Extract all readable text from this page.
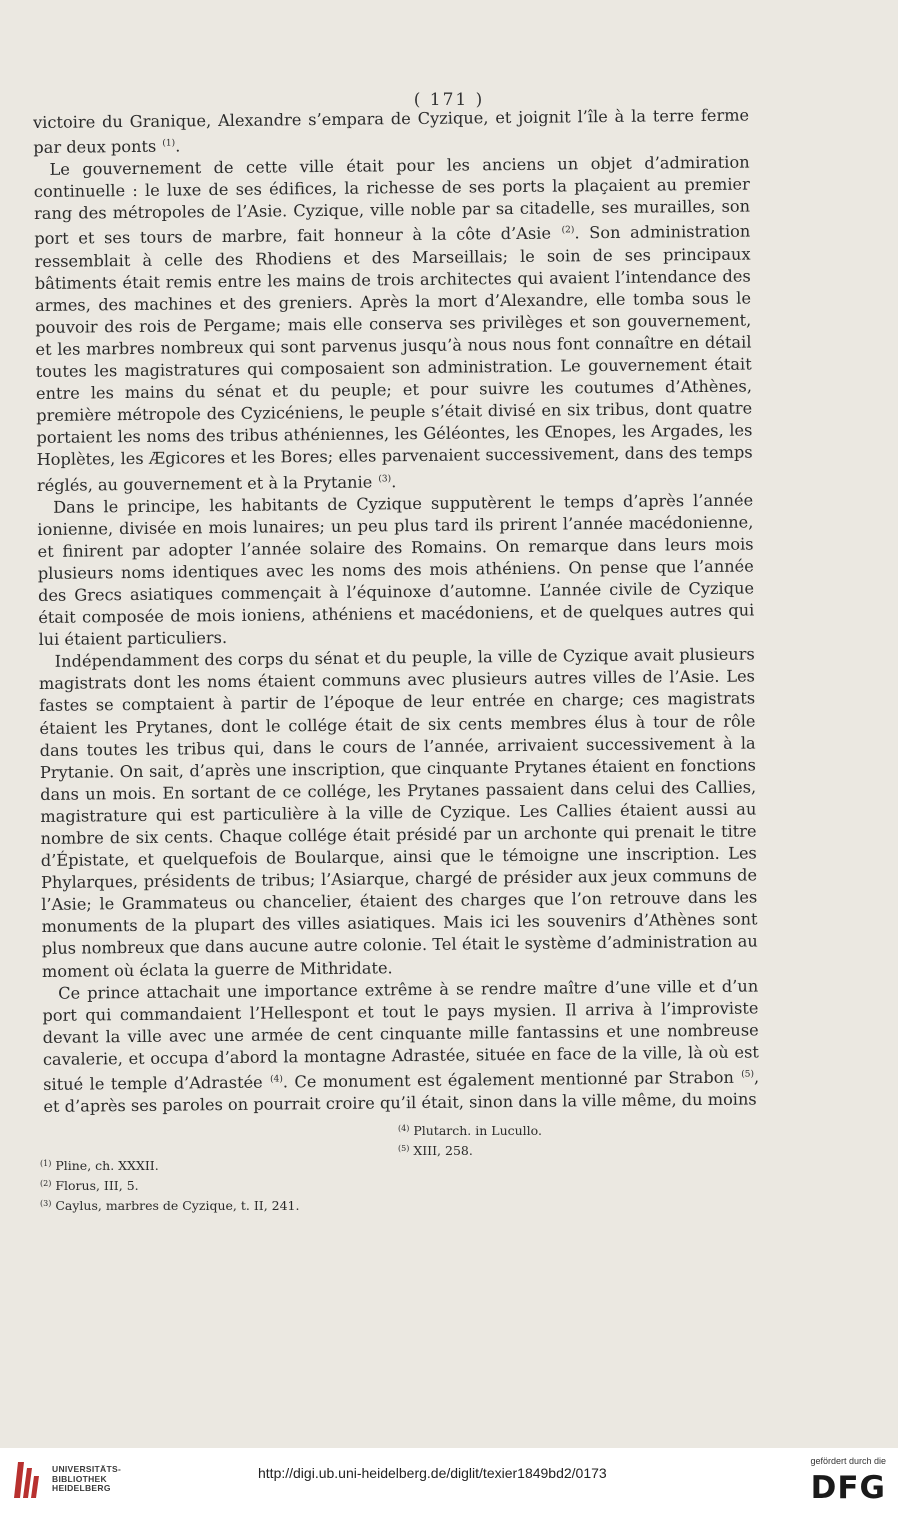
( 171 )

victoire du Granique, Alexandre s’empara de Cyzique, et joignit l’île à la terre ferme par deux ponts $^{(1)}$.

Le gouvernement de cette ville était pour les anciens un objet d’admiration continuelle : le luxe de ses édifices, la richesse de ses ports la plaçaient au premier rang des métropoles de l’Asie. Cyzique, ville noble par sa citadelle, ses murailles, son port et ses tours de marbre, fait honneur à la côte d’Asie $^{(2)}$. Son administration ressemblait à celle des Rhodiens et des Marseillais; le soin de ses principaux bâtiments était remis entre les mains de trois architectes qui avaient l’intendance des armes, des machines et des greniers. Après la mort d’Alexandre, elle tomba sous le pouvoir des rois de Pergame; mais elle conserva ses privilèges et son gouvernement, et les marbres nombreux qui sont parvenus jusqu’à nous nous font connaître en détail toutes les magistratures qui composaient son administration. Le gouvernement était entre les mains du sénat et du peuple; et pour suivre les coutumes d’Athènes, première métropole des Cyzicéniens, le peuple s’était divisé en six tribus, dont quatre portaient les noms des tribus athéniennes, les Géléontes, les Œnopes, les Argades, les Hoplètes, les Ægicores et les Bores; elles parvenaient successivement, dans des temps réglés, au gouvernement et à la Prytanie $^{(3)}$.

Dans le principe, les habitants de Cyzique supputèrent le temps d’après l’année ionienne, divisée en mois lunaires; un peu plus tard ils prirent l’année macédonienne, et finirent par adopter l’année solaire des Romains. On remarque dans leurs mois plusieurs noms identiques avec les noms des mois athéniens. On pense que l’année des Grecs asiatiques commençait à l’équinoxe d’automne. L’année civile de Cyzique était composée de mois ioniens, athéniens et macédoniens, et de quelques autres qui lui étaient particuliers.

Indépendamment des corps du sénat et du peuple, la ville de Cyzique avait plusieurs magistrats dont les noms étaient communs avec plusieurs autres villes de l’Asie. Les fastes se comptaient à partir de l’époque de leur entrée en charge; ces magistrats étaient les Prytanes, dont le collége était de six cents membres élus à tour de rôle dans toutes les tribus qui, dans le cours de l’année, arrivaient successivement à la Prytanie. On sait, d’après une inscription, que cinquante Prytanes étaient en fonctions dans un mois. En sortant de ce collége, les Prytanes passaient dans celui des Callies, magistrature qui est particulière à la ville de Cyzique. Les Callies étaient aussi au nombre de six cents. Chaque collége était présidé par un archonte qui prenait le titre d’Épistate, et quelquefois de Boularque, ainsi que le témoigne une inscription. Les Phylarques, présidents de tribus; l’Asiarque, chargé de présider aux jeux communs de l’Asie; le Grammateus ou chancelier, étaient des charges que l’on retrouve dans les monuments de la plupart des villes asiatiques. Mais ici les souvenirs d’Athènes sont plus nombreux que dans aucune autre colonie. Tel était le système d’administration au moment où éclata la guerre de Mithridate.

Ce prince attachait une importance extrême à se rendre maître d’une ville et d’un port qui commandaient l’Hellespont et tout le pays mysien. Il arriva à l’improviste devant la ville avec une armée de cent cinquante mille fantassins et une nombreuse cavalerie, et occupa d’abord la montagne Adrastée, située en face de la ville, là où est situé le temple d’Adrastée $^{(4)}$. Ce monument est également mentionné par Strabon $^{(5)}$, et d’après ses paroles on pourrait croire qu’il était, sinon dans la ville même, du moins

$^{(1)}$ Pline, ch. XXXII.
$^{(2)}$ Florus, III, 5.
$^{(3)}$ Caylus, marbres de Cyzique, t. II, 241.
$^{(4)}$ Plutarch. in Lucullo.
$^{(5)}$ XIII, 258.
UNIVERSITÄTS-
BIBLIOTHEK
HEIDELBERG
http://digi.ub.uni-heidelberg.de/diglit/texier1849bd2/0173
gefördert durch die
DFG
